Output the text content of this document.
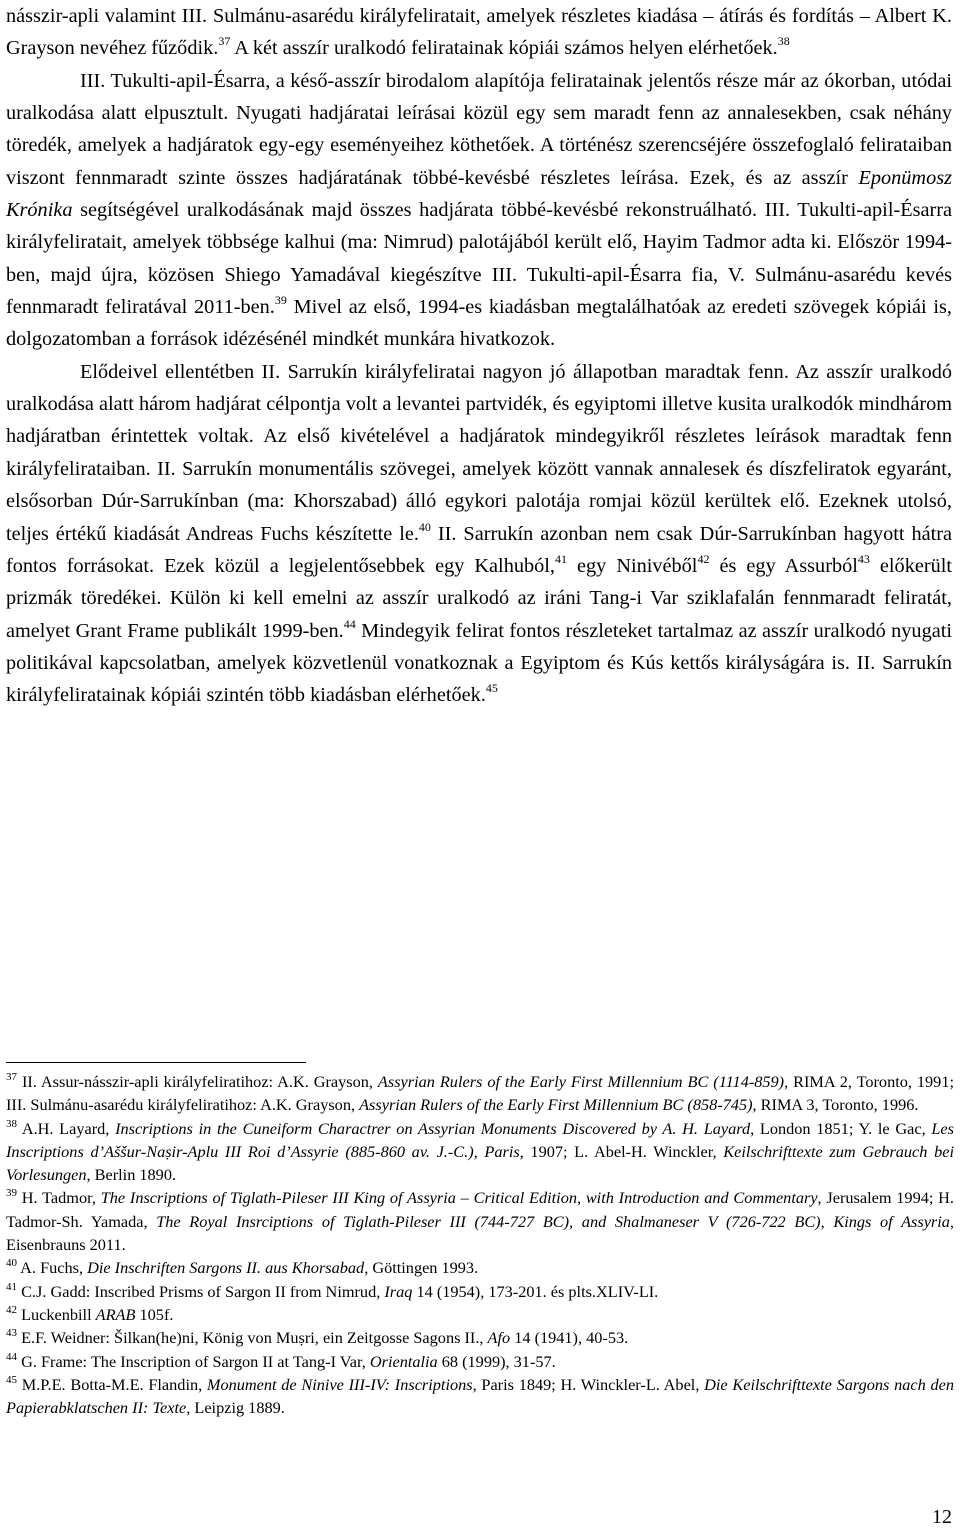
násszir-apli valamint III. Sulmánu-asarédu királyfeliratait, amelyek részletes kiadása – átírás és fordítás – Albert K. Grayson nevéhez fűződik.$^{37}$ A két asszír uralkodó feliratainak kópiái számos helyen elérhetőek.$^{38}$

III. Tukulti-apil-Ésarra, a késő-asszír birodalom alapítója feliratainak jelentős része már az ókorban, utódai uralkodása alatt elpusztult. Nyugati hadjáratai leírásai közül egy sem maradt fenn az annalesekben, csak néhány töredék, amelyek a hadjáratok egy-egy eseményeihez köthetőek. A történész szerencséjére összefoglaló felirataiban viszont fennmaradt szinte összes hadjáratának többé-kevésbé részletes leírása. Ezek, és az asszír Eponümosz Krónika segítségével uralkodásának majd összes hadjárata többé-kevésbé rekonstruálható. III. Tukulti-apil-Ésarra királyfeliratait, amelyek többsége kalhui (ma: Nimrud) palotájából került elő, Hayim Tadmor adta ki. Először 1994-ben, majd újra, közösen Shiego Yamadával kiegészítve III. Tukulti-apil-Ésarra fia, V. Sulmánu-asarédu kevés fennmaradt feliratával 2011-ben.$^{39}$ Mivel az első, 1994-es kiadásban megtalálhatóak az eredeti szövegek kópiái is, dolgozatomban a források idézésénél mindkét munkára hivatkozok.

Elődeivel ellentétben II. Sarrukín királyfeliratai nagyon jó állapotban maradtak fenn. Az asszír uralkodó uralkodása alatt három hadjárat célpontja volt a levantei partvidék, és egyiptomi illetve kusita uralkodók mindhárom hadjáratban érintettek voltak. Az első kivételével a hadjáratok mindegyikről részletes leírások maradtak fenn királyfelirataiban. II. Sarrukín monumentális szövegei, amelyek között vannak annalesek és díszfeliratok egyaránt, elsősorban Dúr-Sarrukínban (ma: Khorszabad) álló egykori palotája romjai közül kerültek elő. Ezeknek utolsó, teljes értékű kiadását Andreas Fuchs készítette le.$^{40}$ II. Sarrukín azonban nem csak Dúr-Sarrukínban hagyott hátra fontos forrásokat. Ezek közül a legjelentősebbek egy Kalhuból,$^{41}$ egy Ninivéből$^{42}$ és egy Assurból$^{43}$ előkerült prizmák töredékei. Külön ki kell emelni az asszír uralkodó az iráni Tang-i Var sziklafalán fennmaradt feliratát, amelyet Grant Frame publikált 1999-ben.$^{44}$ Mindegyik felirat fontos részleteket tartalmaz az asszír uralkodó nyugati politikával kapcsolatban, amelyek közvetlenül vonatkoznak a Egyiptom és Kús kettős királyságára is. II. Sarrukín királyfeliratainak kópiái szintén több kiadásban elérhetőek.$^{45}$

$^{37}$ II. Assur-násszir-apli királyfeliratihoz: A.K. Grayson, Assyrian Rulers of the Early First Millennium BC (1114-859), RIMA 2, Toronto, 1991; III. Sulmánu-asarédu királyfeliratihoz: A.K. Grayson, Assyrian Rulers of the Early First Millennium BC (858-745), RIMA 3, Toronto, 1996.

$^{38}$ A.H. Layard, Inscriptions in the Cuneiform Charactrer on Assyrian Monuments Discovered by A. H. Layard, London 1851; Y. le Gac, Les Inscriptions d’Aššur-Naṣir-Aplu III Roi d’Assyrie (885-860 av. J.-C.), Paris, 1907; L. Abel-H. Winckler, Keilschrifttexte zum Gebrauch bei Vorlesungen, Berlin 1890.

$^{39}$ H. Tadmor, The Inscriptions of Tiglath-Pileser III King of Assyria – Critical Edition, with Introduction and Commentary, Jerusalem 1994; H. Tadmor-Sh. Yamada, The Royal Insrciptions of Tiglath-Pileser III (744-727 BC), and Shalmaneser V (726-722 BC), Kings of Assyria, Eisenbrauns 2011.

$^{40}$ A. Fuchs, Die Inschriften Sargons II. aus Khorsabad, Göttingen 1993.

$^{41}$ C.J. Gadd: Inscribed Prisms of Sargon II from Nimrud, Iraq 14 (1954), 173-201. és plts.XLIV-LI.

$^{42}$ Luckenbill ARAB 105f.

$^{43}$ E.F. Weidner: Šilkan(he)ni, König von Muṣri, ein Zeitgosse Sagons II., Afo 14 (1941), 40-53.

$^{44}$ G. Frame: The Inscription of Sargon II at Tang-I Var, Orientalia 68 (1999), 31-57.

$^{45}$ M.P.E. Botta-M.E. Flandin, Monument de Ninive III-IV: Inscriptions, Paris 1849; H. Winckler-L. Abel, Die Keilschrifttexte Sargons nach den Papierabklatschen II: Texte, Leipzig 1889.

12
